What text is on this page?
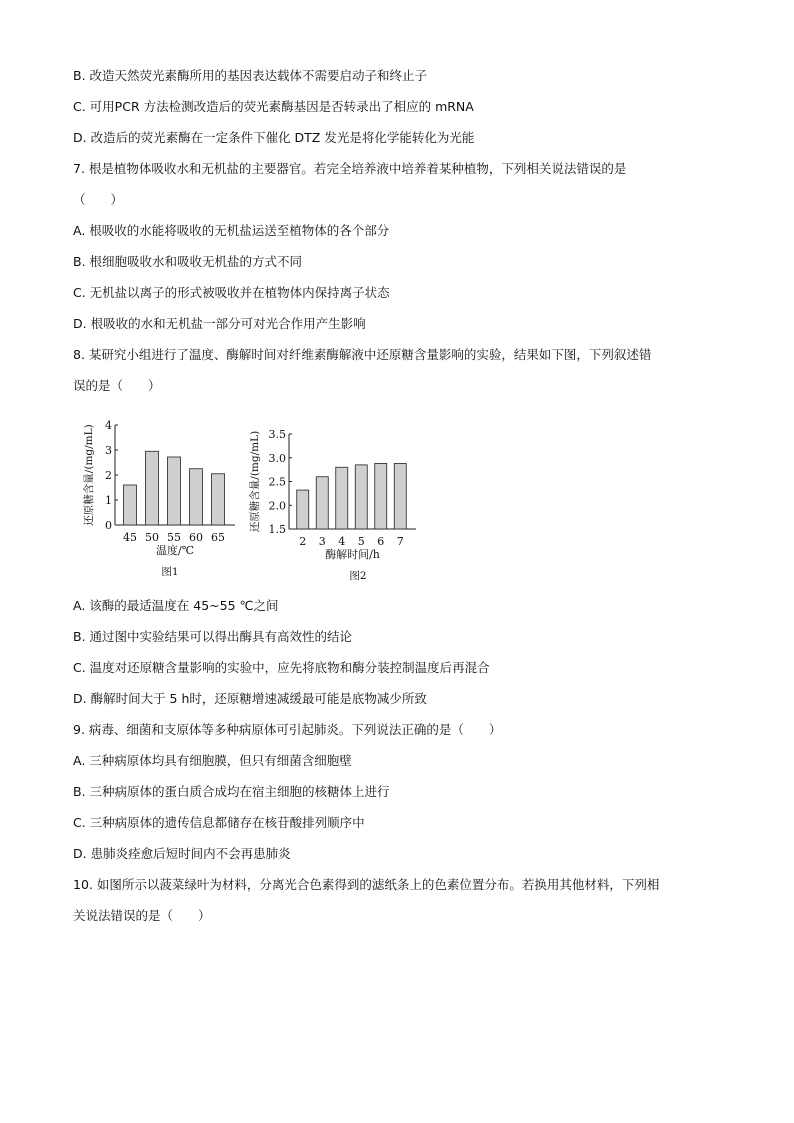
B. 改造天然荧光素酶所用的基因表达载体不需要启动子和终止子
C. 可用PCR 方法检测改造后的荧光素酶基因是否转录出了相应的 mRNA
D. 改造后的荧光素酶在一定条件下催化 DTZ 发光是将化学能转化为光能
7. 根是植物体吸收水和无机盐的主要器官。若完全培养液中培养着某种植物，下列相关说法错误的是
（　　）
A. 根吸收的水能将吸收的无机盐运送至植物体的各个部分
B. 根细胞吸收水和吸收无机盐的方式不同
C. 无机盐以离子的形式被吸收并在植物体内保持离子状态
D. 根吸收的水和无机盐一部分可对光合作用产生影响
8. 某研究小组进行了温度、酶解时间对纤维素酶解液中还原糖含量影响的实验，结果如下图，下列叙述错
误的是（　　）
0
1
2
3
4
45 50 55 60 65
温度/℃
图1
还原糖含量/(mg/mL)
1.5
2.0
2.5
3.0
3.5
2 3 4 5 6 7
酶解时间/h
图2
还原糖含量/(mg/mL)
A. 该酶的最适温度在 45~55 ℃之间
B. 通过图中实验结果可以得出酶具有高效性的结论
C. 温度对还原糖含量影响的实验中，应先将底物和酶分装控制温度后再混合
D. 酶解时间大于 5 h时，还原糖增速减缓最可能是底物减少所致
9. 病毒、细菌和支原体等多种病原体可引起肺炎。下列说法正确的是（　　）
A. 三种病原体均具有细胞膜，但只有细菌含细胞壁
B. 三种病原体的蛋白质合成均在宿主细胞的核糖体上进行
C. 三种病原体的遗传信息都储存在核苷酸排列顺序中
D. 患肺炎痊愈后短时间内不会再患肺炎
10. 如图所示以菠菜绿叶为材料，分离光合色素得到的滤纸条上的色素位置分布。若换用其他材料，下列相
关说法错误的是（　　）
